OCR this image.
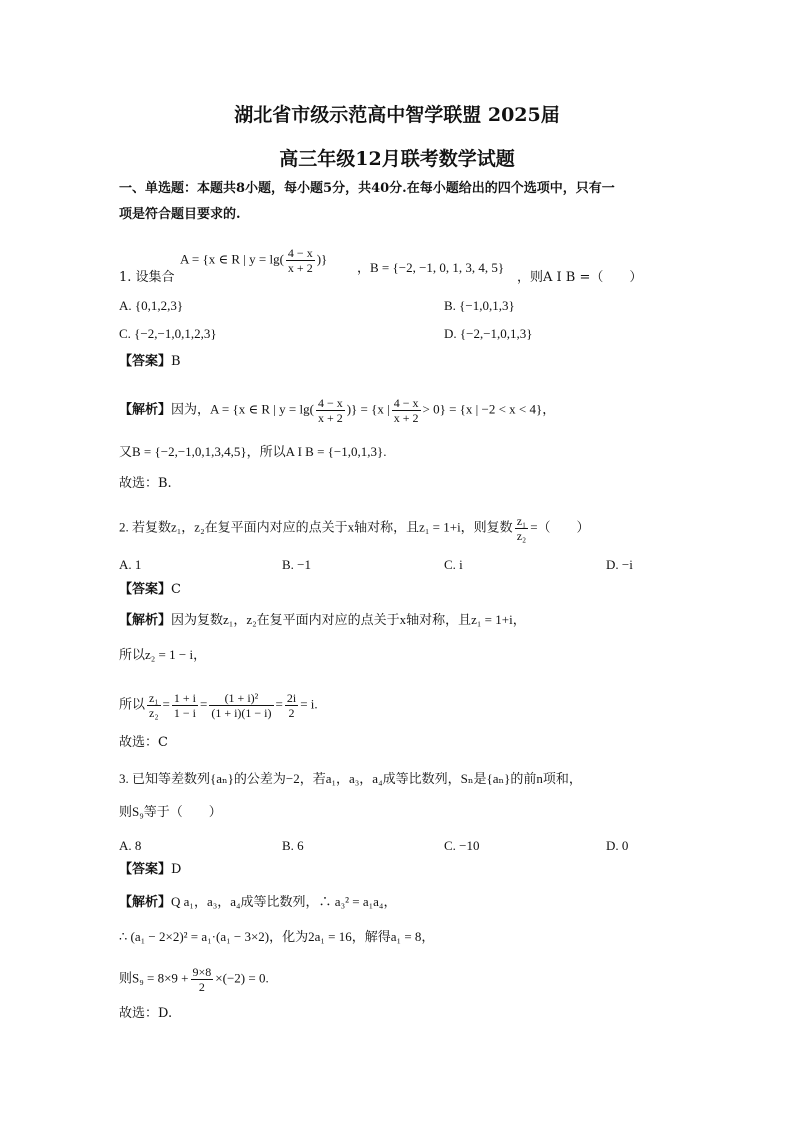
湖北省市级示范高中智学联盟 2025届
高三年级12月联考数学试题
一、单选题：本题共8小题，每小题5分，共40分.在每小题给出的四个选项中，只有一
项是符合题目要求的.
A = {x ∈ R | $y = \lg( \frac{4 - x}{x + 2}$ )}
1. 设集合
，B = {−2, −1, 0, 1, 3, 4, 5}
，则A I B =（　　）
A. {0,1,2,3}	B. {−1,0,1,3}
C. {−2,−1,0,1,2,3}	D. {−2,−1,0,1,3}
【答案】B
【解析】因为，A = {x ∈ R | $y = \lg( \frac{4 - x}{x + 2}$ )} = {x | $\frac{4 - x}{x + 2} > 0\} = \{x$ | −2 < x < 4}，
又B = {−2,−1,0,1,3,4,5}，所以A I B = {−1,0,1,3}.
故选：B.
2. 若复数z₁，z₂在复平面内对应的点关于x轴对称，且z₁ = 1+i，则复数 $\frac{\text{z₁}}{\text{z₂}}$ =（　　）
A. 1	B. −1	C. i	D. −i
【答案】C
【解析】因为复数z₁，z₂在复平面内对应的点关于x轴对称，且z₁ = 1+i，
所以z₂ = 1 − i，
所以 $\frac{\text{z₁}}{\text{z₂}} = \frac{1 + i}{1 - i} = \frac{\text{(1 + i)²}}{(1 + i)(1 - i)} = \frac{2i}{2} = i$.
故选：C
3. 已知等差数列{aₙ}的公差为−2，若a₁，a₃，a₄成等比数列，Sₙ是{aₙ}的前n项和，
则S₉等于（　　）
A. 8	B. 6	C. −10	D. 0
【答案】D
【解析】Q a₁，a₃，a₄成等比数列，∴ a₃² = a₁a₄，
∴ (a₁ − 2×2)² = a₁·(a₁ − 3×2)，化为2a₁ = 16，解得a₁ = 8，
则$S_9 = 8\times 9 + \frac{9\times 8}{2} \times(-2) = 0$.
故选：D.
